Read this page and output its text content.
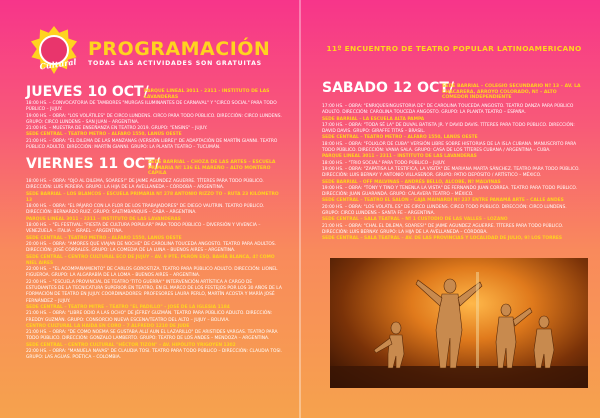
Cultural
PROGRAMACIÓN
TODAS LAS ACTIVIDADES SON GRATUITAS
JUEVES 10 OCT/
PARQUE LINEAL 3011 - 2311 - INSTITUTO DE LAS LAVANDERAS

18:00 HS. – CONVOCATORIA DE TAMBORES "MURGAS ILUMINANTES DE CARNAVAL" Y "CIRCO SOCIAL" PARA TODO PÚBLICO – JUJUY.

19:00 HS. – OBRA: "LOS VOLÁTILES" DE CIRCO LUNDENS. CIRCO PARA TODO PÚBLICO. DIRECCIÓN: CIRCO LUNDENS. GRUPO: CIRCO LUNDENS – SAN JUAN – ARGENTINA.

21:00 HS. – MUESTRA DE ENSEÑANZA EN TEATRO 2019. GRUPO: "ENSINS" – JUJUY.

SEDE CENTRAL – TEATRO METRO – ALFARO 1550, LANÚS OESTE

21:00 HS. – OBRA: "EL DILEMA DE LAS MANZANAS (VERSIÓN LIBRE)" DE ADAPTACIÓN DE MARTÍN GIANNI. TEATRO PÚBLICO ADULTO. DIRECCIÓN: MARTÍN GIANNI. GRUPO: LA PLANTA TEATRO – TUCUMÁN.

VIERNES 11 OCT/
SEDE BARRIAL – CHOZA DE LAS ARTES – ESCUELA PRIMARIA Nº 136 EL MAREÑO – ALTO MONTERO CAPILA

18:00 HS. – OBRA: "OJO AL DILEMA, SOARES!" DE JAIME AGUNDEZ AGUERRE. TÍTERES PARA TODO PÚBLICO. DIRECCIÓN: LUIS PEREIRA. GRUPO: LA HIJA DE LA AVELLANEDA – CÓRDOBA – ARGENTINA.

SEDE BARRIAL – LOS BLANCOS – ESCUELA PRIMARIA Nº 278 ANTONIO RIZZO TO – RUTA 23 KILÓMETRO 13

18:00 HS. – OBRA: "EL PÁJARO CON LA FLOR DE LOS TRABAJADORES" DE DIEGO VAUTRIN. TEATRO PÚBLICO. DIRECCIÓN: BERNARDO RUIZ. GRUPO: SALTIMBANQUIS – CABA – ARGENTINA.

PARQUE LINEAL 3011 – 2311 – INSTITUTO DE LAS LAVANDERAS

18:00 HS. – "EL FESTIVAL: "FIESTA DE CULTURA POPULAR" PARA TODO PÚBLICO – DIVERSIÓN Y VIVENCIA – VENEZUELA – ITALIA – ISRAEL – ARGENTINA.

SEDE CENTRAL – TEATRO METRO – ALFARO 1550, LANÚS OESTE

20:00 HS. – OBRA: "AMORES QUE VIAJAN DE NOCHE" DE CAROLINA TOUCEDA ANGOSTO. TEATRO PARA ADULTOS. DIRECCIÓN: JOSÉ CORRALES. GRUPO: LA COMEDIA DE LA LUNA – BUENOS AIRES – ARGENTINA.

SEDE CENTRAL – CENTRO CULTURAL ECO DE JUJUY – AV. 9 PTE. PERÓN ESQ. BAHÍA BLANCA, 4º COMO NIEL AIRES

22:00 HS. – "EL ACOMPAÑAMIENTO" DE CARLOS GOROSTIZA. TEATRO PARA PÚBLICO ADULTO. DIRECCIÓN: LIONEL FIGUEROA. GRUPO: LA ALGARABÍA DE LA LOMA – BUENOS AIRES – ARGENTINA.

22:00 HS. – "ESCUELA PROVINCIAL DE TEATRO 'TITO GUERRA'" INTERVENCIÓN ARTÍSTICA A CARGO DE ESTUDIANTES DE LA TECNICATURA SUPERIOR EN TEATRO, EN EL MARCO DE LOS FESTEJOS POR LOS 30 AÑOS DE LA FORMACIÓN DE TEATRO EN JUJUY. COORDINADORES: PROFESORES LAURA PERLO, MARTÍN ACOSTA Y MARÍA JOSÉ FERNÁNDEZ – JUJUY.

SEDE CENTRAL – TEATRO MITRE – TEATRO "EL PADILLO" – JOSÉ DE LA IGLESIA 1184

21:00 HS. – OBRA: "LIBRE ODIO A LAS OCHO" DE JÉFREY GUZMÁN. TEATRO PARA PÚBLICO ADULTO. DIRECCIÓN: FREDDY GUZMÁN. GRUPO: CONSORCIO NUEVA ESCENA/TEATRO DEL ALTO – JUJUY – BOLIVIA.

CENTRO CULTURAL LA HAIDA EN CORO – 7 ALFREDO 1210 DE JUDE

21:00 HS. – OBRA: "DE COMO NOEMA SE GUSTABA ALLÍ AUN EL LAZARILLO" DE ARISTIDES VARGAS. TEATRO PARA TODO PÚBLICO. DIRECCIÓN: GONZALO LAMBERTO. GRUPO: TEATRO DE LOS ANDES – MENDOZA – ARGENTINA.

SEDE CENTRAL – CENTRO CULTURAL "HÉCTOR TIZÓN" – AV. HIPÓLITO YRIGOYEN 1302

22:00 HS. – OBRA: "MANUELA NAVAS" DE CLAUDIA TOSI. TEATRO PARA TODO PÚBLICO – DIRECCIÓN: CLAUDIA TOSI. GRUPO: LAS AGUAS. POÉTICA – COLOMBIA.

11º ENCUENTRO DE TEATRO POPULAR LATINOAMERICANO
SABADO 12 OCT/
SEDE BARRIAL – COLEGIO SECUNDARIO Nº 13 – AV. LA CHACARERA, ARROYO COLORADO, Nº – ALTO COMEDOR INDEPENDIENTE

17:00 HS. – OBRA: "ENRIQUESINGUSTORIA DE" DE CAROLINA TOUCEDA ANGOSTO. TEATRO DANZA PARA PÚBLICO ADULTO. DIRECCIÓN: CAROLINA TOUCEDA ANGOSTO. GRUPO: LA PLANTA TEATRO – ESPAÑA.

SEDE BARRIAL – LA ESCUELA ALTA PAMPA

17:00 HS. – OBRA: "TODA SÉ LA" DE DUVAL BATISTA JR. Y DAVID DAVIS. TÍTERES PARA TODO PÚBLICO. DIRECCIÓN: DAVID DAVIS. GRUPO: GIRAFFE TITAS – BRASIL.

SEDE CENTRAL – TEATRO METRO – ALFARO 1550, LANÚS OESTE

18:00 HS. – OBRA: "FOLKLOR DE CUBA" VERSIÓN LIBRE SOBRE HISTORIAS DE LA ISLA CUBANA. MANUSCRITO PARA TODO PÚBLICO. DIRECCIÓN: VANIA SALA. GRUPO: CASA DE LOS TÍTERES CUBANA / ARGENTINA – CUBA.

PARQUE LINEAL 3011 – 2311 – INSTITUTO DE LAS LAVANDERAS

18:00 HS. – "TRIO SOCIAL" PARA TODO PÚBLICO – JUJUY.

19:00 HS. – OBRA: "ZAPATISA LA TESTIFICA, LA VISITA" DE MARIANA MARTA SÁNCHEZ. TEATRO PARA TODO PÚBLICO. DIRECCIÓN: LUIS BERNAY Y ANTONIO VILLASEÑOR. GRUPO: PATIO DEPÓSITO / ARTÍSTICO – MÉXICO.

SEDE BARRIAL – OFF MALVINAS – ANDRÉS BELLO, ALCOBE, Nº MALVINAS

19:00 HS. – OBRA: "TONY Y TINO Y TENENLA LA VISTA" DE FERNANDO JUAN CORREA. TEATRO PARA TODO PÚBLICO. DIRECCIÓN: JUAN GUARANDA. GRUPO: CALAVERA TEATRO – MÉXICO.

SEDE CENTRAL – TEATRO EL SALON – CAJA MAINARDI Nº 237 ENTRE PANAMÁ ARTE – CALLE ANDES

20:00 HS. – OBRA: "LOS VOLÁTIL ES" DE CIRCO LUNDENS. CIRCO TODO PÚBLICO. DIRECCIÓN: CIRCO LUNDENS. GRUPO: CIRCO LUNDENS – SANTA FE – ARGENTINA.

SEDE CENTRAL – SALA TEATRAL – Nº 1 CUSTODIO DE LAS VALLES – LOZANO

21:00 HS. – OBRA: "CHAL EL DILEMA, SOARES!" DE JAIME AGUNDEZ AGUERRE. TÍTERES PARA TODO PÚBLICO. DIRECCIÓN: LUIS BERNAY. GRUPO: LA HIJA DE LA AVELLANEDA – CÓRDOBA.

SEDE CENTRAL – SALA TEATRAL – AV. DE LAS PROVINCIAS Y LOCALIDAD DE JULIO, 9ª LOS TORRES
